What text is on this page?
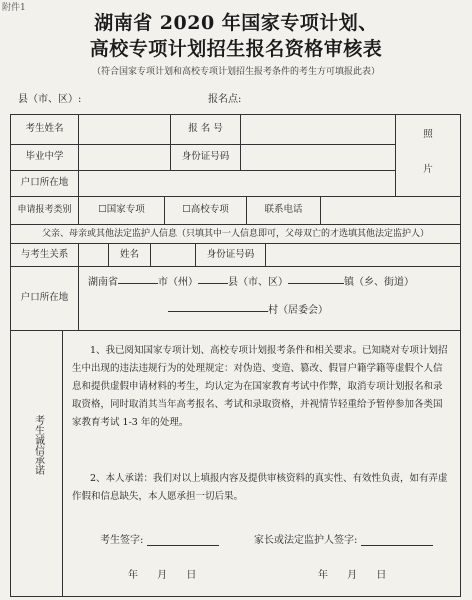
附件1
湖南省 2020 年国家专项计划、
高校专项计划招生报名资格审核表
（符合国家专项计划和高校专项计划招生报考条件的考生方可填报此表）
县（市、区）:	报名点:
考生姓名	报 名 号
毕业中学	身份证号码
户口所在地
照
片
申请报考类别	☐国家专项	☐高校专项	联系电话
父亲、母亲或其他法定监护人信息（只填其中一人信息即可，父母双亡的才选填其他法定监护人）
与考生关系	姓名	身份证号码
户口所在地
湖南省	市（州）	县（市、区）	镇（乡、街道）
村（居委会）
考生诚信承诺
1、我已阅知国家专项计划、高校专项计划报考条件和相关要求。已知晓对专项计划招生中出现的违法违规行为的处理规定：对伪造、变造、篡改、假冒户籍学籍等虚假个人信息和提供虚假申请材料的考生，均认定为在国家教育考试中作弊，取消专项计划报名和录取资格，同时取消其当年高考报名、考试和录取资格，并视情节轻重给予暂停参加各类国家教育考试 1-3 年的处理。
2、本人承诺：我们对以上填报内容及提供审核资料的真实性、有效性负责，如有弄虚作假和信息缺失，本人愿承担一切后果。
考生签字:	家长或法定监护人签字:
年 月 日	年 月 日
